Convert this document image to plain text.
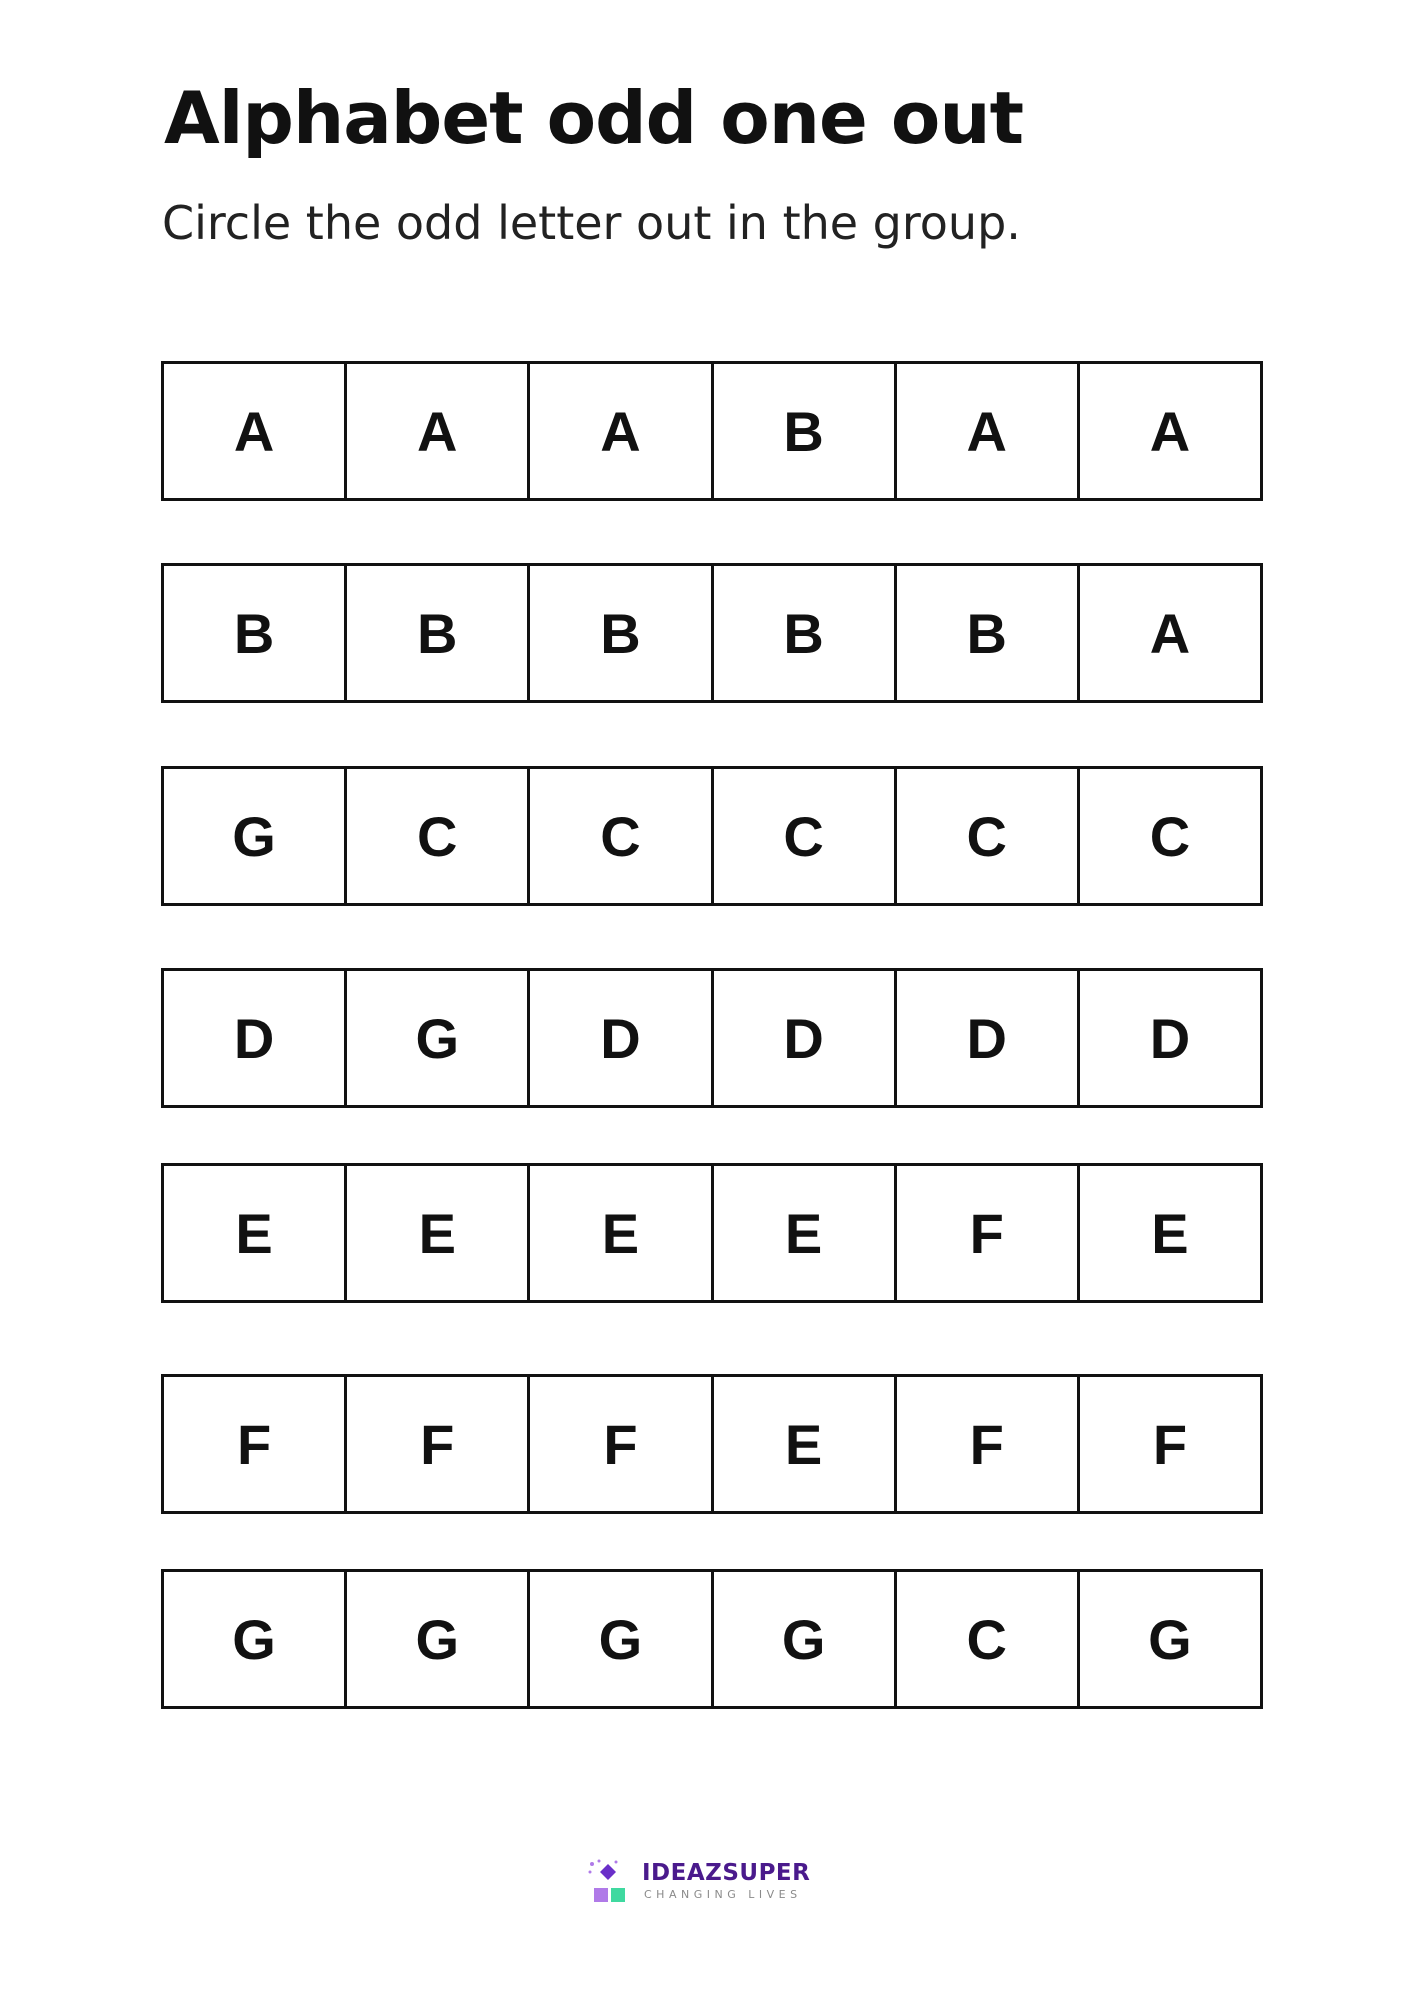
Alphabet odd one out

Circle the odd letter out in the group.

A	A	A	B	A	A
B	B	B	B	B	A
G	C	C	C	C	C
D	G	D	D	D	D
E	E	E	E	F	E
F	F	F	E	F	F
G	G	G	G	C	G
IDEAZSUPER
CHANGING LIVES
